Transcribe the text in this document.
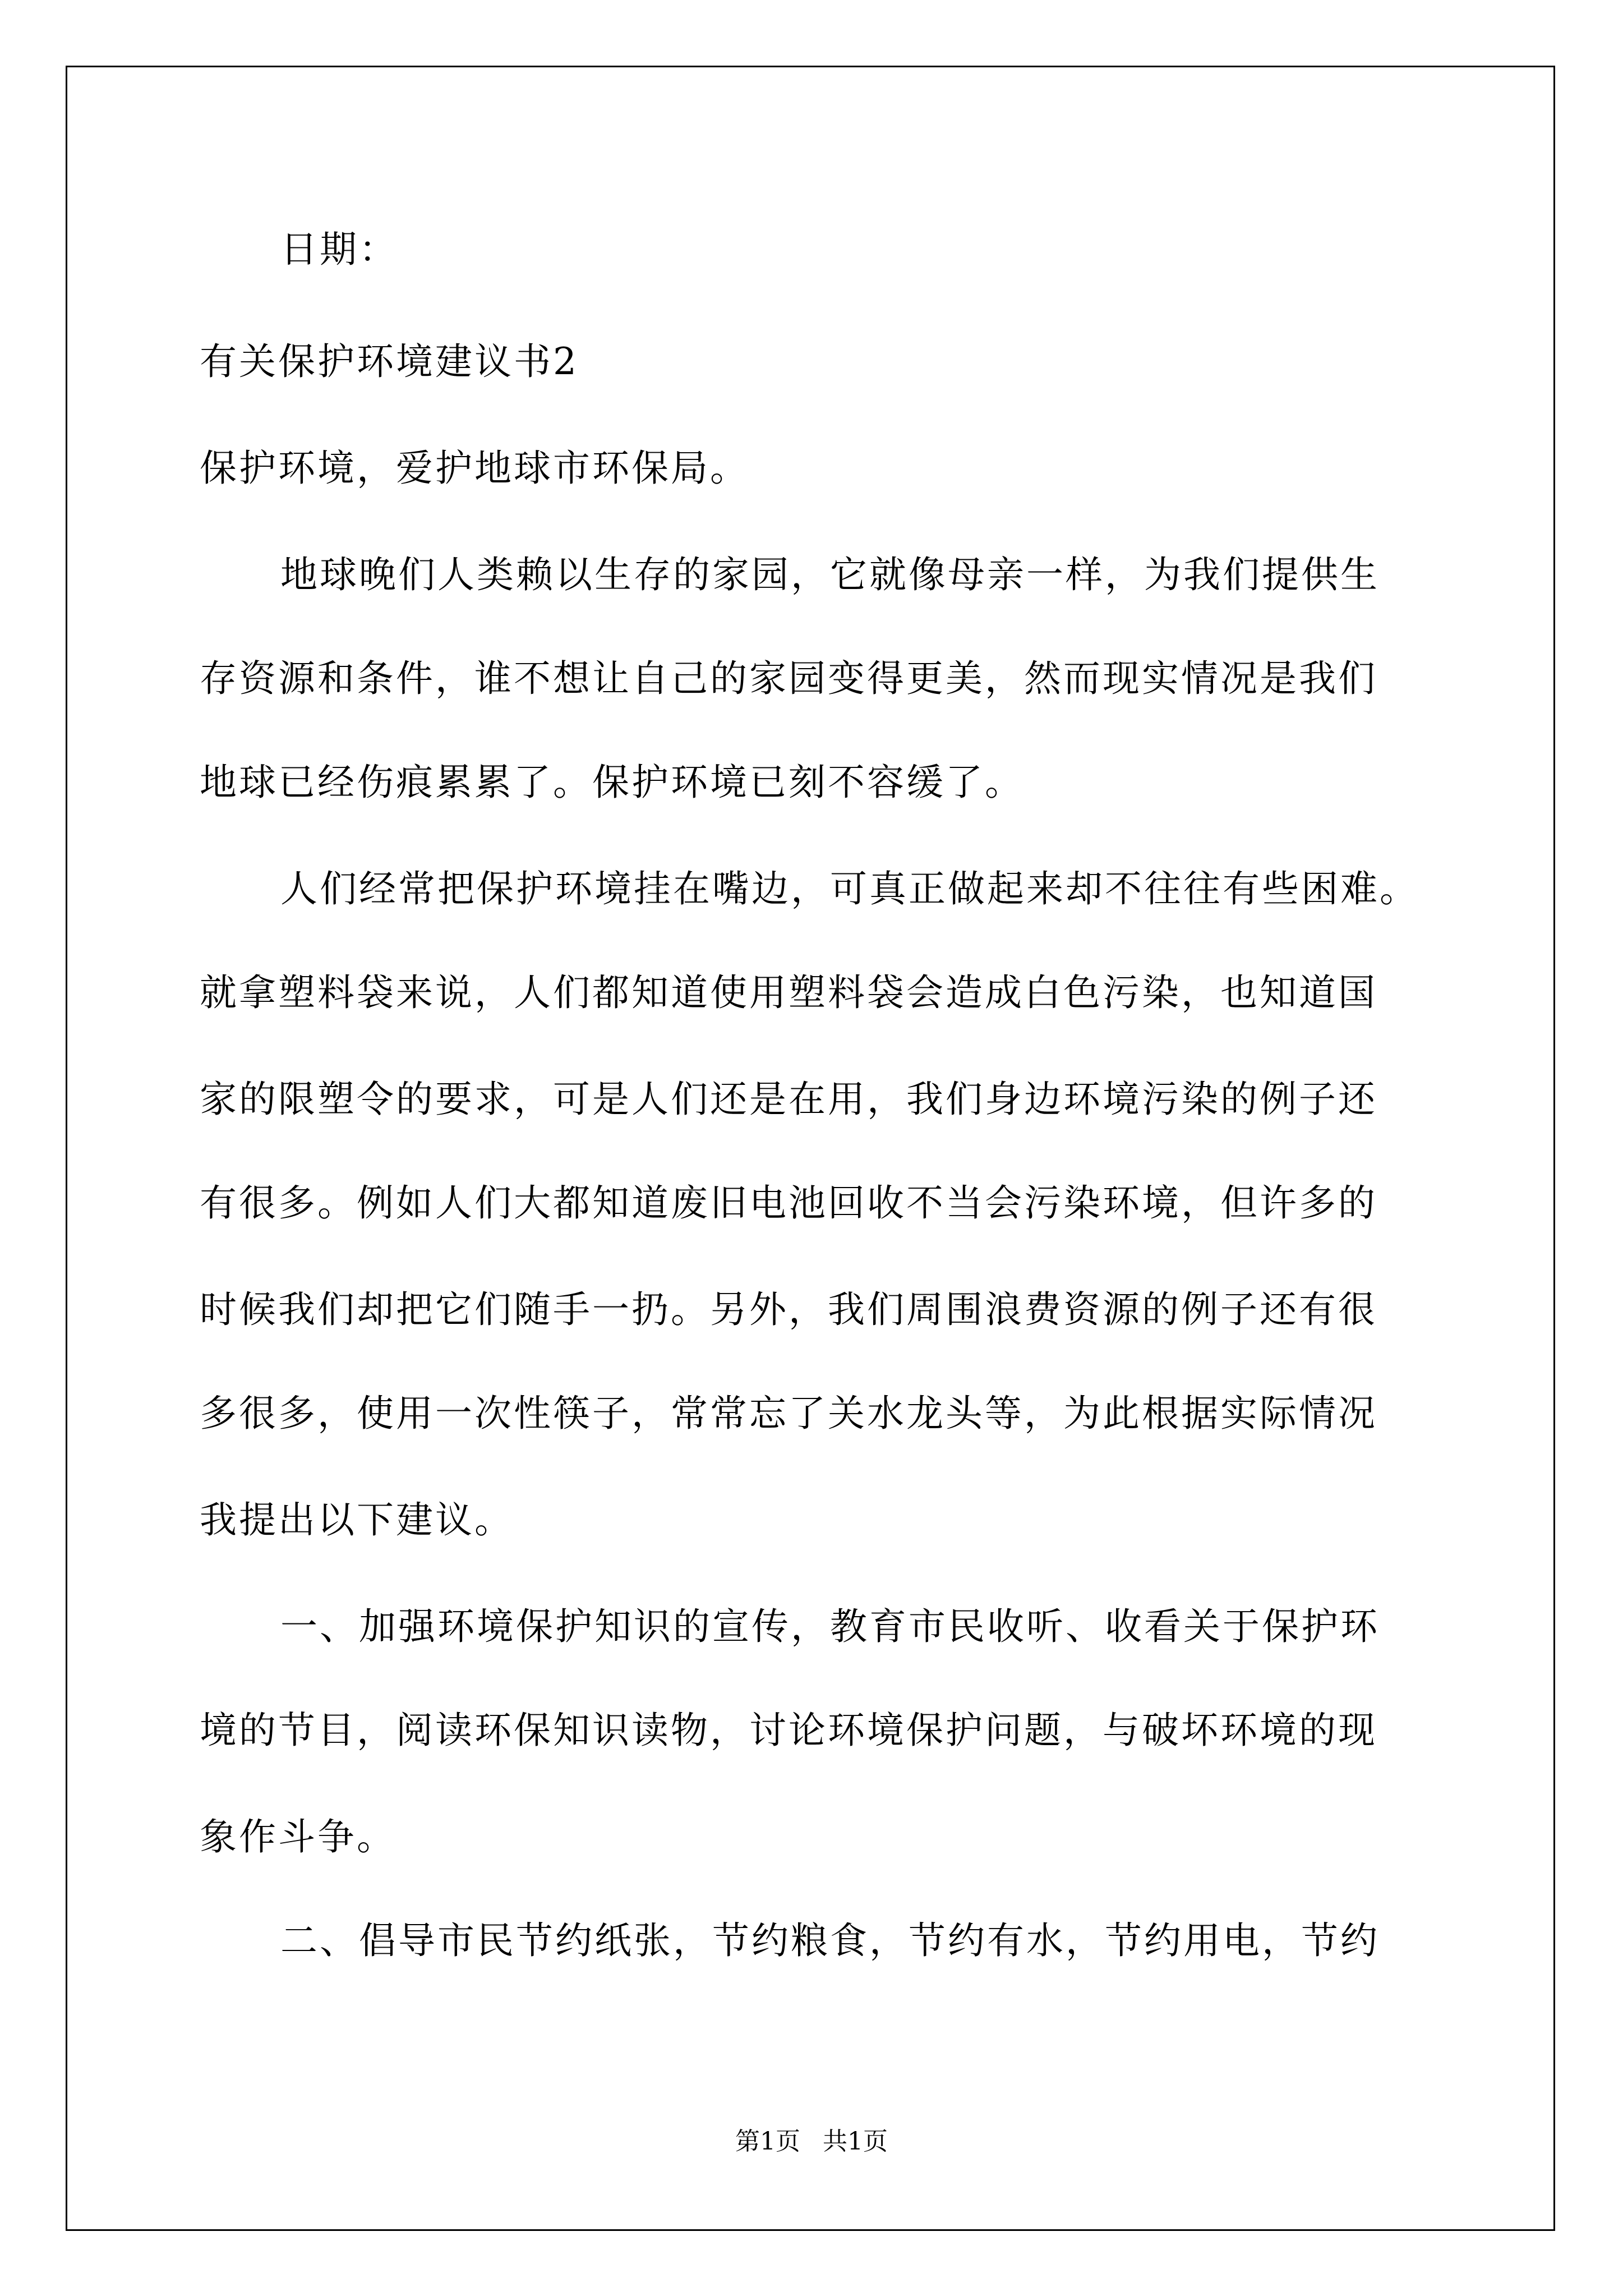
日期：
有关保护环境建议书2
保护环境，爱护地球市环保局。
地球晚们人类赖以生存的家园，它就像母亲一样，为我们提供生
存资源和条件，谁不想让自己的家园变得更美，然而现实情况是我们
地球已经伤痕累累了。保护环境已刻不容缓了。
人们经常把保护环境挂在嘴边，可真正做起来却不往往有些困难。
就拿塑料袋来说，人们都知道使用塑料袋会造成白色污染，也知道国
家的限塑令的要求，可是人们还是在用，我们身边环境污染的例子还
有很多。例如人们大都知道废旧电池回收不当会污染环境，但许多的
时候我们却把它们随手一扔。另外，我们周围浪费资源的例子还有很
多很多，使用一次性筷子，常常忘了关水龙头等，为此根据实际情况
我提出以下建议。
一、加强环境保护知识的宣传，教育市民收听、收看关于保护环
境的节目，阅读环保知识读物，讨论环境保护问题，与破坏环境的现
象作斗争。
二、倡导市民节约纸张，节约粮食，节约有水，节约用电，节约
第1页 共1页
